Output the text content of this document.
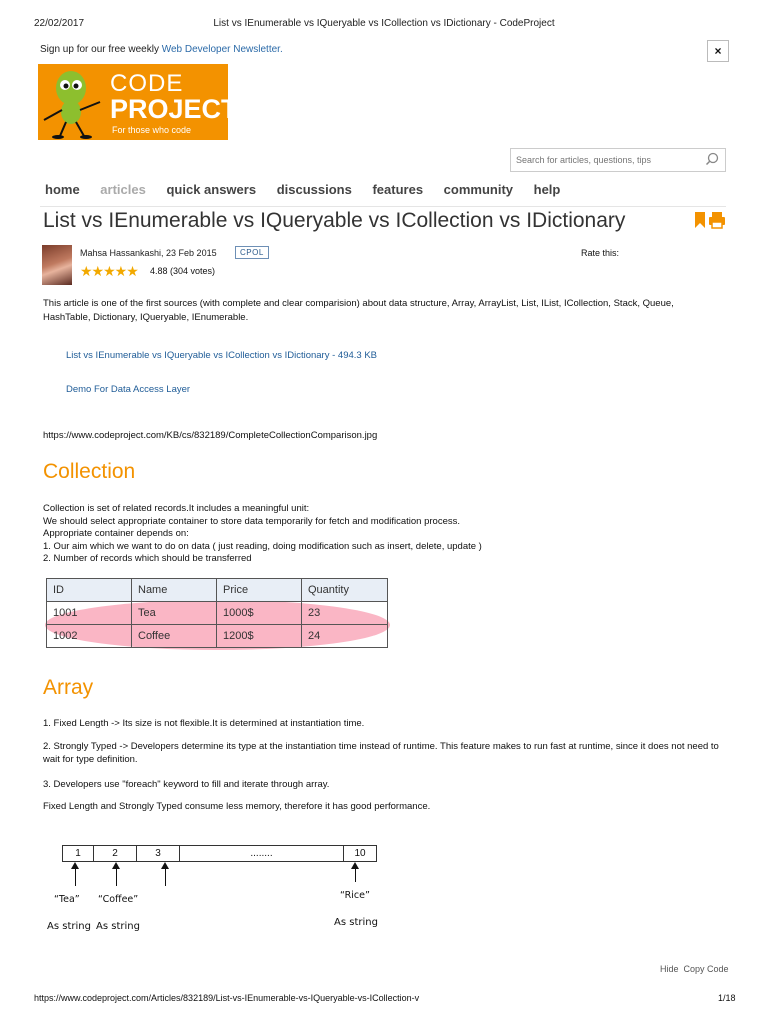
22/02/2017	List vs IEnumerable vs IQueryable vs ICollection vs IDictionary - CodeProject
Sign up for our free weekly Web Developer Newsletter.	×
CODE
PROJECT
For those who code
Search for articles, questions, tips
home articles quick answers discussions features community help
List vs IEnumerable vs IQueryable vs ICollection vs IDictionary
Mahsa Hassankashi, 23 Feb 2015	CPOL	Rate this:
★★★★★ 4.88 (304 votes)
This article is one of the first sources (with complete and clear comparision) about data structure, Array, ArrayList, List, IList, ICollection, Stack, Queue, HashTable, Dictionary, IQueryable, IEnumerable.
List vs IEnumerable vs IQueryable vs ICollection vs IDictionary - 494.3 KB
Demo For Data Access Layer
https://www.codeproject.com/KB/cs/832189/CompleteCollectionComparison.jpg
Collection
Collection is set of related records.It includes a meaningful unit:
We should select appropriate container to store data temporarily for fetch and modification process.
Appropriate container depends on:
1. Our aim which we want to do on data ( just reading, doing modification such as insert, delete, update )
2. Number of records which should be transferred
ID	Name	Price	Quantity
1001	Tea	1000$	23
1002	Coffee	1200$	24
Array
1. Fixed Length -> Its size is not flexible.It is determined at instantiation time.
2. Strongly Typed -> Developers determine its type at the instantiation time instead of runtime. This feature makes to run fast at runtime, since it does not need to wait for type definition.
3. Developers use "foreach" keyword to fill and iterate through array.
Fixed Length and Strongly Typed consume less memory, therefore it has good performance.
1	2	3	........	10
“Tea” “Coffee”	“Rice”
As string As string	As string
Hide Copy Code
https://www.codeproject.com/Articles/832189/List-vs-IEnumerable-vs-IQueryable-vs-ICollection-v	1/18
